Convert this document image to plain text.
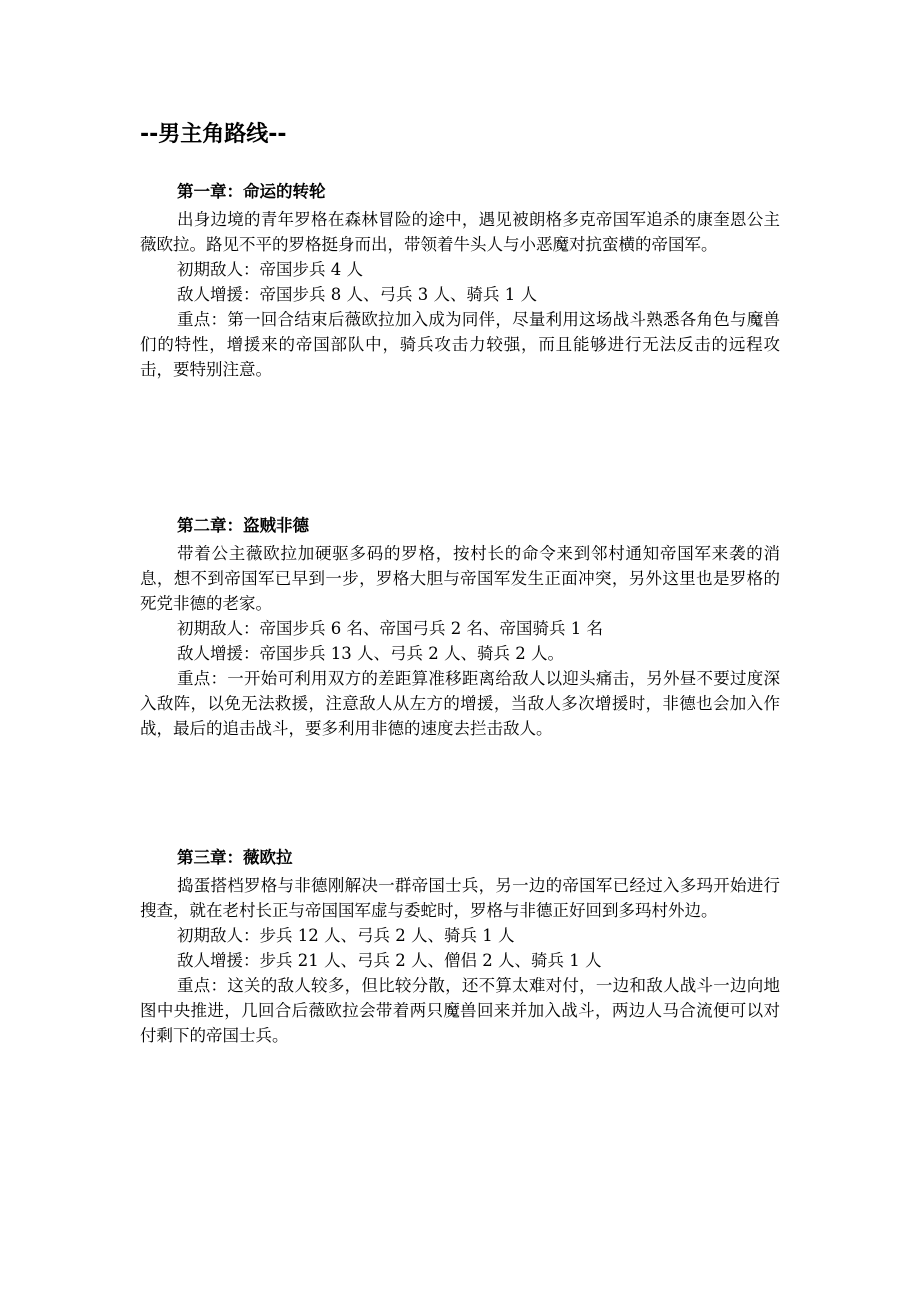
--男主角路线--
第一章：命运的转轮

出身边境的青年罗格在森林冒险的途中，遇见被朗格多克帝国军追杀的康奎恩公主薇欧拉。路见不平的罗格挺身而出，带领着牛头人与小恶魔对抗蛮横的帝国军。

初期敌人：帝国步兵 4 人

敌人增援：帝国步兵 8 人、弓兵 3 人、骑兵 1 人

重点：第一回合结束后薇欧拉加入成为同伴，尽量利用这场战斗熟悉各角色与魔兽们的特性，增援来的帝国部队中，骑兵攻击力较强，而且能够进行无法反击的远程攻击，要特别注意。

第二章：盗贼非德

带着公主薇欧拉加硬驱多码的罗格，按村长的命令来到邻村通知帝国军来袭的消息，想不到帝国军已早到一步，罗格大胆与帝国军发生正面冲突，另外这里也是罗格的死党非德的老家。

初期敌人：帝国步兵 6 名、帝国弓兵 2 名、帝国骑兵 1 名

敌人增援：帝国步兵 13 人、弓兵 2 人、骑兵 2 人。

重点：一开始可利用双方的差距算准移距离给敌人以迎头痛击，另外昼不要过度深入敌阵，以免无法救援，注意敌人从左方的增援，当敌人多次增援时，非德也会加入作战，最后的追击战斗，要多利用非德的速度去拦击敌人。

第三章：薇欧拉

捣蛋搭档罗格与非德刚解决一群帝国士兵，另一边的帝国军已经过入多玛开始进行搜查，就在老村长正与帝国国军虚与委蛇时，罗格与非德正好回到多玛村外边。

初期敌人：步兵 12 人、弓兵 2 人、骑兵 1 人

敌人增援：步兵 21 人、弓兵 2 人、僧侣 2 人、骑兵 1 人

重点：这关的敌人较多，但比较分散，还不算太难对付，一边和敌人战斗一边向地图中央推进，几回合后薇欧拉会带着两只魔兽回来并加入战斗，两边人马合流便可以对付剩下的帝国士兵。
